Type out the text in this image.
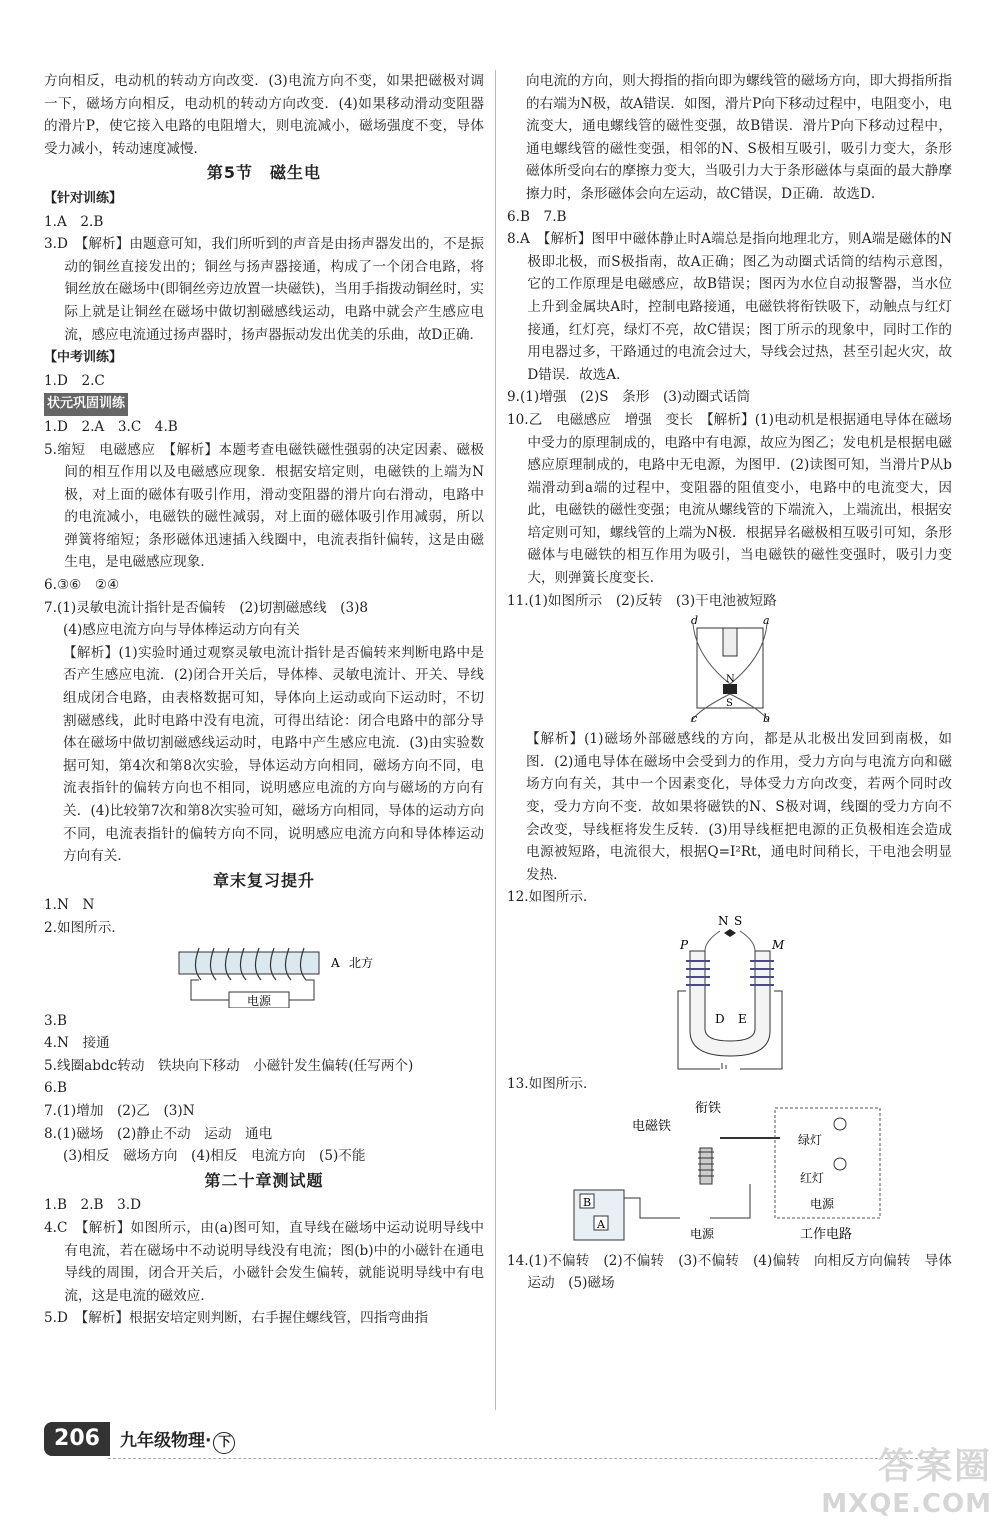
方向相反，电动机的转动方向改变．(3)电流方向不变，如果把磁极对调一下，磁场方向相反，电动机的转动方向改变．(4)如果移动滑动变阻器的滑片P，使它接入电路的电阻增大，则电流减小，磁场强度不变，导体受力减小，转动速度减慢．

第5节　磁生电
【针对训练】

1.A　2.B

3.D　【解析】由题意可知，我们所听到的声音是由扬声器发出的，不是振动的铜丝直接发出的；铜丝与扬声器接通，构成了一个闭合电路，将铜丝放在磁场中(即铜丝旁边放置一块磁铁)，当用手指拨动铜丝时，实际上就是让铜丝在磁场中做切割磁感线运动，电路中就会产生感应电流，感应电流通过扬声器时，扬声器振动发出优美的乐曲，故D正确．

【中考训练】

1.D　2.C

状元巩固训练

1.D　2.A　3.C　4.B

5.缩短　电磁感应　【解析】本题考查电磁铁磁性强弱的决定因素、磁极间的相互作用以及电磁感应现象．根据安培定则，电磁铁的上端为N极，对上面的磁体有吸引作用，滑动变阻器的滑片向右滑动，电路中的电流减小，电磁铁的磁性减弱，对上面的磁体吸引作用减弱，所以弹簧将缩短；条形磁体迅速插入线圈中，电流表指针偏转，这是由磁生电，是电磁感应现象．

6.③⑥　②④

7.(1)灵敏电流计指针是否偏转　(2)切割磁感线　(3)8

(4)感应电流方向与导体棒运动方向有关

【解析】(1)实验时通过观察灵敏电流计指针是否偏转来判断电路中是否产生感应电流．(2)闭合开关后，导体棒、灵敏电流计、开关、导线组成闭合电路，由表格数据可知，导体向上运动或向下运动时，不切割磁感线，此时电路中没有电流，可得出结论：闭合电路中的部分导体在磁场中做切割磁感线运动时，电路中产生感应电流．(3)由实验数据可知，第4次和第8次实验，导体运动方向相同，磁场方向不同，电流表指针的偏转方向也不相同，说明感应电流的方向与磁场的方向有关．(4)比较第7次和第8次实验可知，磁场方向相同，导体的运动方向不同，电流表指针的偏转方向不同，说明感应电流方向和导体棒运动方向有关．

章末复习提升

1.N　N

2.如图所示．

电源
A 北方

3.B

4.N　接通

5.线圈abdc转动　铁块向下移动　小磁针发生偏转(任写两个)

6.B

7.(1)增加　(2)乙　(3)N

8.(1)磁场　(2)静止不动　运动　通电

(3)相反　磁场方向　(4)相反　电流方向　(5)不能

第二十章测试题

1.B　2.B　3.D

4.C　【解析】如图所示，由(a)图可知，直导线在磁场中运动说明导线中有电流，若在磁场中不动说明导线没有电流；图(b)中的小磁针在通电导线的周围，闭合开关后，小磁针会发生偏转，就能说明导线中有电流，这是电流的磁效应．

5.D　【解析】根据安培定则判断，右手握住螺线管，四指弯曲指

向电流的方向，则大拇指的指向即为螺线管的磁场方向，即大拇指所指的右端为N极，故A错误．如图，滑片P向下移动过程中，电阻变小，电流变大，通电螺线管的磁性变强，故B错误．滑片P向下移动过程中，通电螺线管的磁性变强，相邻的N、S极相互吸引，吸引力变大，条形磁体所受向右的摩擦力变大，当吸引力大于条形磁体与桌面的最大静摩擦力时，条形磁体会向左运动，故C错误，D正确．故选D．

6.B　7.B

8.A　【解析】图甲中磁体静止时A端总是指向地理北方，则A端是磁体的N极即北极，而S极指南，故A正确；图乙为动圈式话筒的结构示意图，它的工作原理是电磁感应，故B错误；图丙为水位自动报警器，当水位上升到金属块A时，控制电路接通，电磁铁将衔铁吸下，动触点与红灯接通，红灯亮，绿灯不亮，故C错误；图丁所示的现象中，同时工作的用电器过多，干路通过的电流会过大，导线会过热，甚至引起火灾，故D错误．故选A．

9.(1)增强　(2)S　条形　(3)动圈式话筒

10.乙　电磁感应　增强　变长　【解析】(1)电动机是根据通电导体在磁场中受力的原理制成的，电路中有电源，故应为图乙；发电机是根据电磁感应原理制成的，电路中无电源，为图甲．(2)读图可知，当滑片P从b端滑动到a端的过程中，变阻器的阻值变小，电路中的电流变大，因此，电磁铁的磁性变强；电流从螺线管的下端流入，上端流出，根据安培定则可知，螺线管的上端为N极．根据异名磁极相互吸引可知，条形磁体与电磁铁的相互作用为吸引，当电磁铁的磁性变强时，吸引力变大，则弹簧长度变长．

11.(1)如图所示　(2)反转　(3)干电池被短路

d	a
c	b
N
S

【解析】(1)磁场外部磁感线的方向，都是从北极出发回到南极，如图．(2)通电导体在磁场中会受到力的作用，受力方向与电流方向和磁场方向有关，其中一个因素变化，导体受力方向改变，若两个同时改变，受力方向不变．故如果将磁铁的N、S极对调，线圈的受力方向不会改变，导线框将发生反转．(3)用导线框把电源的正负极相连会造成电源被短路，电流很大，根据Q=I²Rt，通电时间稍长，干电池会明显发热．

12.如图所示．

N S
P	M
D E

13.如图所示．

B
A
衔铁
电磁铁
绿灯
红灯
电源
工作电路
电源

14.(1)不偏转　(2)不偏转　(3)不偏转　(4)偏转　向相反方向偏转　导体运动　(5)磁场

206	九年级物理· 下
答案圈
MXQE.COM
